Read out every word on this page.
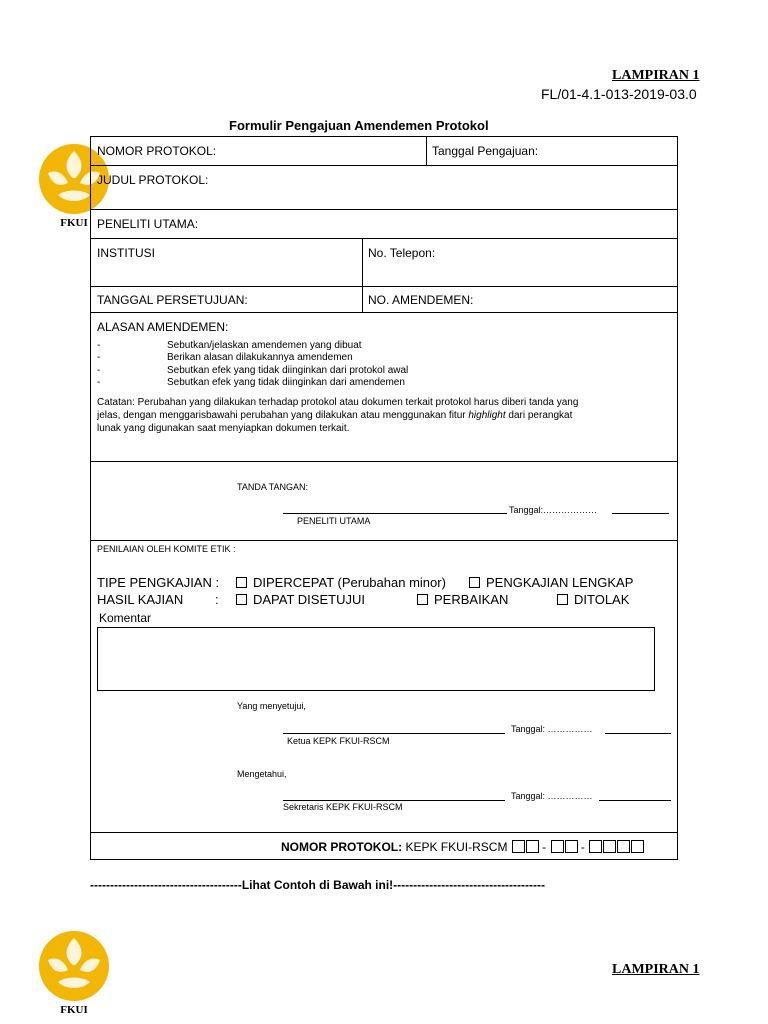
LAMPIRAN 1
FL/01-4.1-013-2019-03.0
Formulir Pengajuan Amendemen Protokol
FKUI
NOMOR PROTOKOL:	Tanggal Pengajuan:
JUDUL PROTOKOL:
PENELITI UTAMA:
INSTITUSI	No. Telepon:
TANGGAL PERSETUJUAN:	NO. AMENDEMEN:
ALASAN AMENDEMEN:
-	Sebutkan/jelaskan amendemen yang dibuat
-	Berikan alasan dilakukannya amendemen
-	Sebutkan efek yang tidak diinginkan dari protokol awal
-	Sebutkan efek yang tidak diinginkan dari amendemen
Catatan: Perubahan yang dilakukan terhadap protokol atau dokumen terkait protokol harus diberi tanda yang
jelas, dengan menggarisbawahi perubahan yang dilakukan atau menggunakan fitur highlight dari perangkat
lunak yang digunakan saat menyiapkan dokumen terkait.
TANDA TANGAN:
Tanggal:………………
PENELITI UTAMA
PENILAIAN OLEH KOMITE ETIK :
TIPE PENGKAJIAN :	DIPERCEPAT (Perubahan minor)	PENGKAJIAN LENGKAP
HASIL KAJIAN :	DAPAT DISETUJUI	PERBAIKAN	DITOLAK
Komentar
Yang menyetujui,
Tanggal: ……………
Ketua KEPK FKUI-RSCM
Mengetahui,
Tanggal: ……………
Sekretaris KEPK FKUI-RSCM
NOMOR PROTOKOL: KEPK FKUI-RSCM	-	-
--------------------------------------Lihat Contoh di Bawah ini!--------------------------------------
FKUI
LAMPIRAN 1
